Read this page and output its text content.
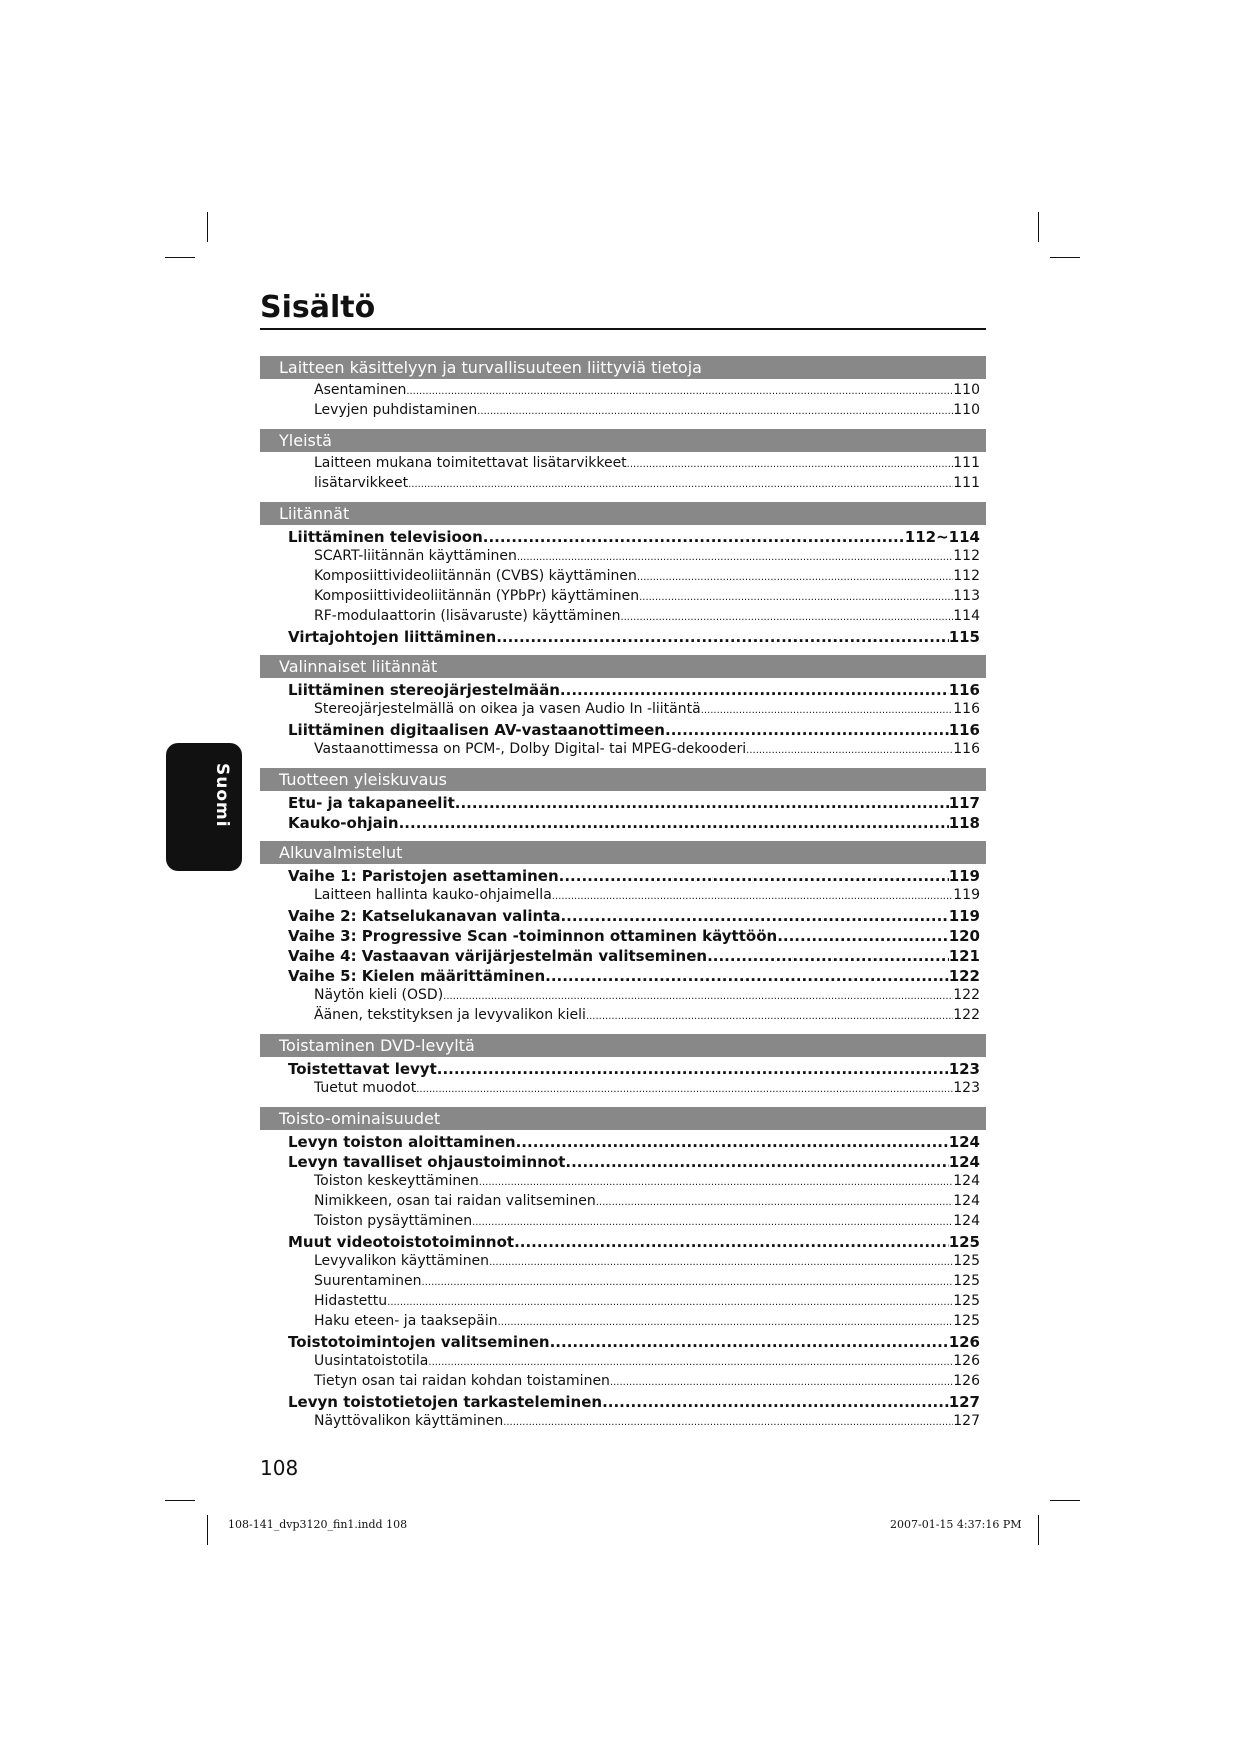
Sisältö
Suomi
Laitteen käsittelyyn ja turvallisuuteen liittyviä tietoja
Asentaminen .....	110
Levyjen puhdistaminen .....	110
Yleistä
Laitteen mukana toimitettavat lisätarvikkeet .....	111
lisätarvikkeet .....	111
Liitännät
Liittäminen televisioon .....	112~114
SCART-liitännän käyttäminen .....	112
Komposiittivideoliitännän (CVBS) käyttäminen .....	112
Komposiittivideoliitännän (YPbPr) käyttäminen .....	113
RF-modulaattorin (lisävaruste) käyttäminen .....	114
Virtajohtojen liittäminen .....	115
Valinnaiset liitännät
Liittäminen stereojärjestelmään .....	116
Stereojärjestelmällä on oikea ja vasen Audio In -liitäntä .....	116
Liittäminen digitaalisen AV-vastaanottimeen .....	116
Vastaanottimessa on PCM-, Dolby Digital- tai MPEG-dekooderi .....	116
Tuotteen yleiskuvaus
Etu- ja takapaneelit .....	117
Kauko-ohjain .....	118
Alkuvalmistelut
Vaihe 1: Paristojen asettaminen .....	119
Laitteen hallinta kauko-ohjaimella .....	119
Vaihe 2: Katselukanavan valinta .....	119
Vaihe 3: Progressive Scan -toiminnon ottaminen käyttöön .....	120
Vaihe 4: Vastaavan värijärjestelmän valitseminen .....	121
Vaihe 5: Kielen määrittäminen .....	122
Näytön kieli (OSD) .....	122
Äänen, tekstityksen ja levyvalikon kieli .....	122
Toistaminen DVD-levyltä
Toistettavat levyt .....	123
Tuetut muodot .....	123
Toisto-ominaisuudet
Levyn toiston aloittaminen .....	124
Levyn tavalliset ohjaustoiminnot .....	124
Toiston keskeyttäminen .....	124
Nimikkeen, osan tai raidan valitseminen .....	124
Toiston pysäyttäminen .....	124
Muut videotoistotoiminnot .....	125
Levyvalikon käyttäminen .....	125
Suurentaminen .....	125
Hidastettu .....	125
Haku eteen- ja taaksepäin .....	125
Toistotoimintojen valitseminen .....	126
Uusintatoistotila .....	126
Tietyn osan tai raidan kohdan toistaminen .....	126
Levyn toistotietojen tarkasteleminen .....	127
Näyttövalikon käyttäminen .....	127
108
108-141_dvp3120_fin1.indd 108	2007-01-15 4:37:16 PM
